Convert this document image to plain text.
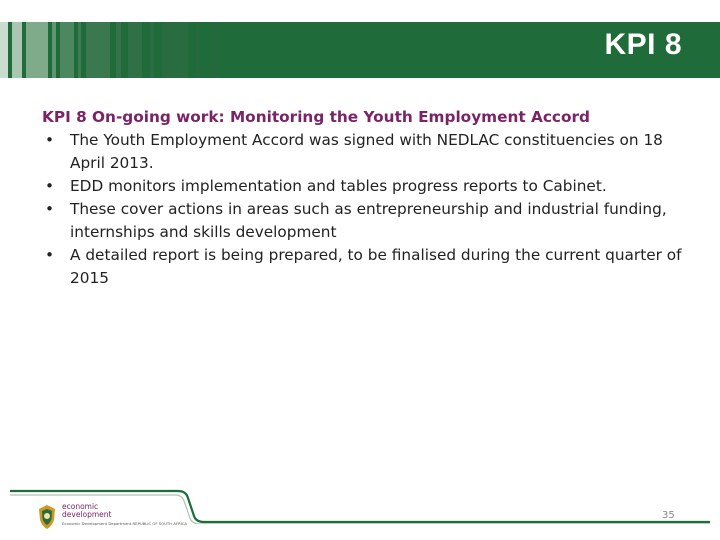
KPI 8

KPI 8 On-going work: Monitoring the Youth Employment Accord

• The Youth Employment Accord was signed with NEDLAC constituencies on 18 April 2013.
• EDD monitors implementation and tables progress reports to Cabinet.
• These cover actions in areas such as entrepreneurship and industrial funding, internships and skills development
• A detailed report is being prepared, to be finalised during the current quarter of 2015
economic
development
Economic Development Department REPUBLIC OF SOUTH AFRICA
35
